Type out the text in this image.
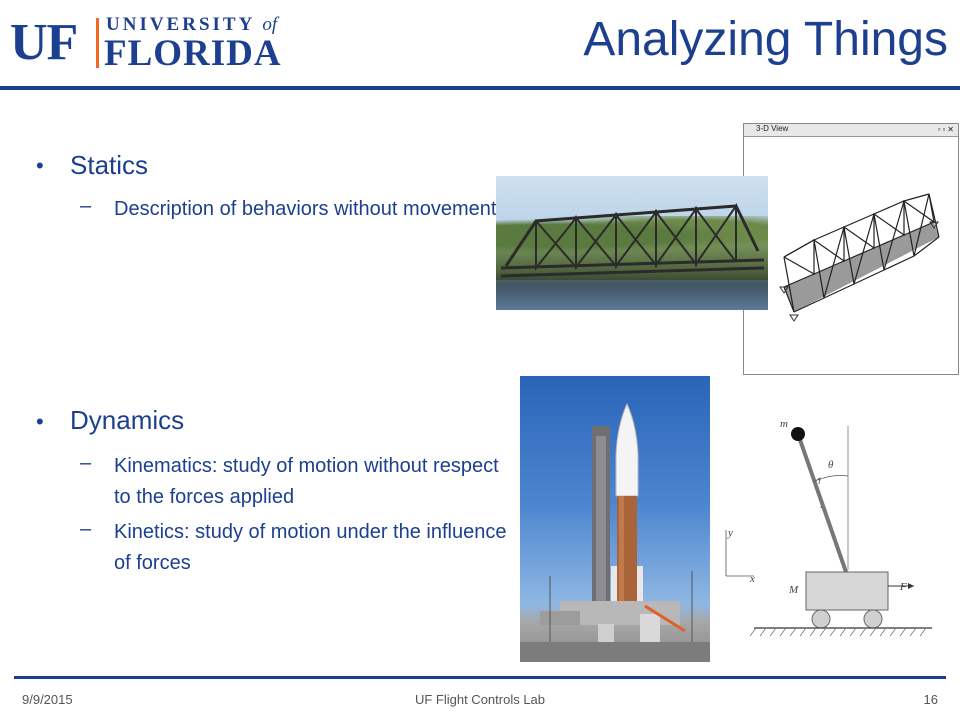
UF UNIVERSITY of
FLORIDA	Analyzing Things
• Statics
– Description of behaviors without movement
• Dynamics
– Kinematics: study of motion without respect to the forces applied
– Kinetics: study of motion under the influence of forces
3-D View	▫▫✕
m
θ
M	F
x
y
9/9/2015	UF Flight Controls Lab	16
